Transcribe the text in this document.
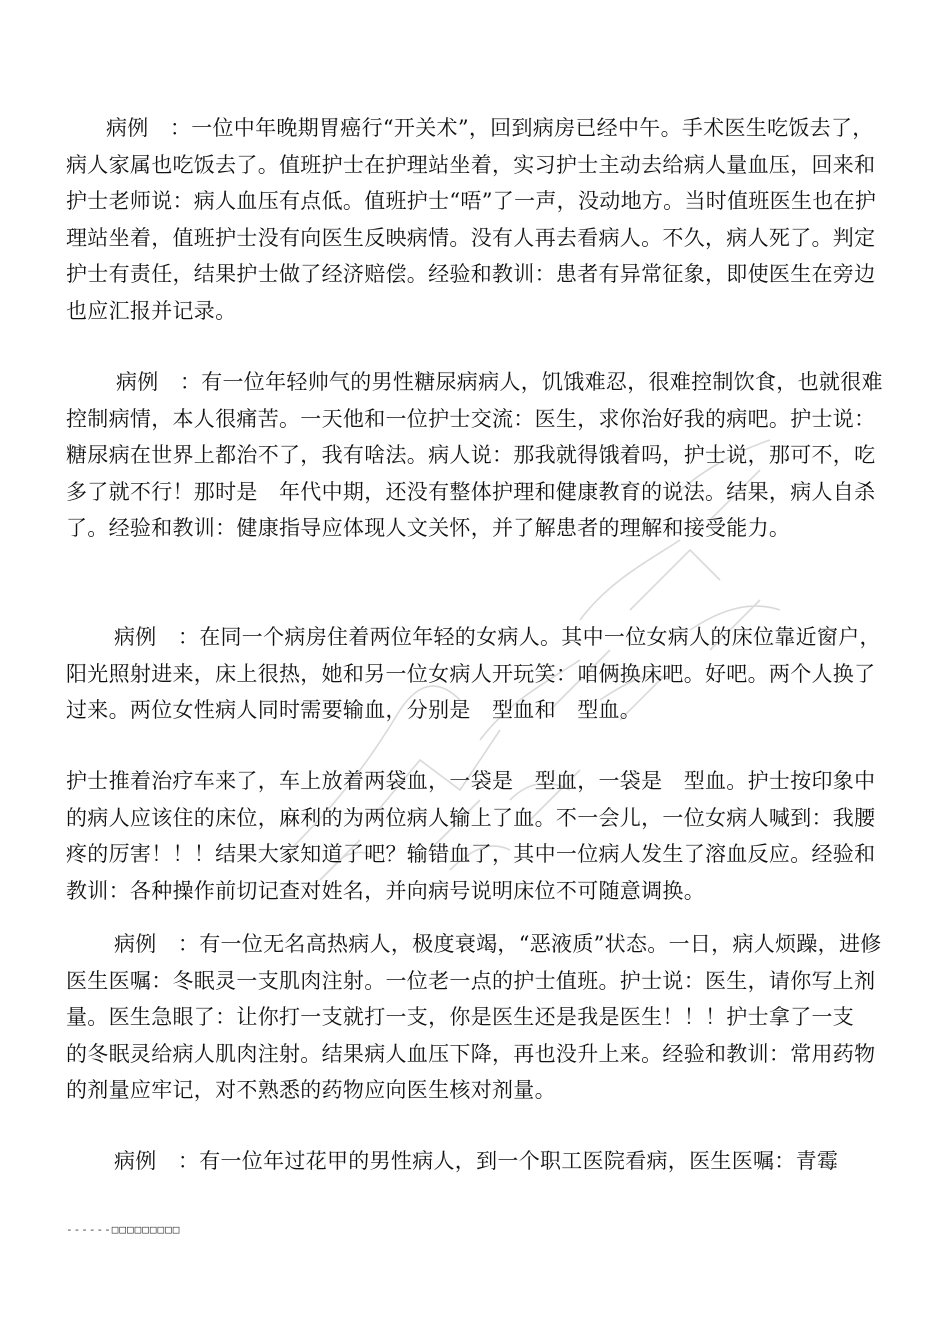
病例　：一位中年晚期胃癌行“开关术”，回到病房已经中午。手术医生吃饭去了，病人家属也吃饭去了。值班护士在护理站坐着，实习护士主动去给病人量血压，回来和护士老师说：病人血压有点低。值班护士“唔”了一声，没动地方。当时值班医生也在护理站坐着，值班护士没有向医生反映病情。没有人再去看病人。不久，病人死了。判定护士有责任，结果护士做了经济赔偿。经验和教训：患者有异常征象，即使医生在旁边也应汇报并记录。

病例　：有一位年轻帅气的男性糖尿病病人，饥饿难忍，很难控制饮食，也就很难控制病情，本人很痛苦。一天他和一位护士交流：医生，求你治好我的病吧。护士说：糖尿病在世界上都治不了，我有啥法。病人说：那我就得饿着吗，护士说，那可不，吃多了就不行！那时是　年代中期，还没有整体护理和健康教育的说法。结果，病人自杀了。经验和教训：健康指导应体现人文关怀，并了解患者的理解和接受能力。

病例　：在同一个病房住着两位年轻的女病人。其中一位女病人的床位靠近窗户，阳光照射进来，床上很热，她和另一位女病人开玩笑：咱俩换床吧。好吧。两个人换了过来。两位女性病人同时需要输血，分别是　型血和　型血。

护士推着治疗车来了，车上放着两袋血，一袋是　型血，一袋是　型血。护士按印象中的病人应该住的床位，麻利的为两位病人输上了血。不一会儿，一位女病人喊到：我腰疼的厉害！！！结果大家知道了吧？输错血了，其中一位病人发生了溶血反应。经验和教训：各种操作前切记查对姓名，并向病号说明床位不可随意调换。

病例　：有一位无名高热病人，极度衰竭，“恶液质”状态。一日，病人烦躁，进修医生医嘱：冬眠灵一支肌肉注射。一位老一点的护士值班。护士说：医生，请你写上剂量。医生急眼了：让你打一支就打一支，你是医生还是我是医生！！！护士拿了一支　　的冬眠灵给病人肌肉注射。结果病人血压下降，再也没升上来。经验和教训：常用药物的剂量应牢记，对不熟悉的药物应向医生核对剂量。

病例　：有一位年过花甲的男性病人，到一个职工医院看病，医生医嘱：青霉

------□□□□□□□□□
